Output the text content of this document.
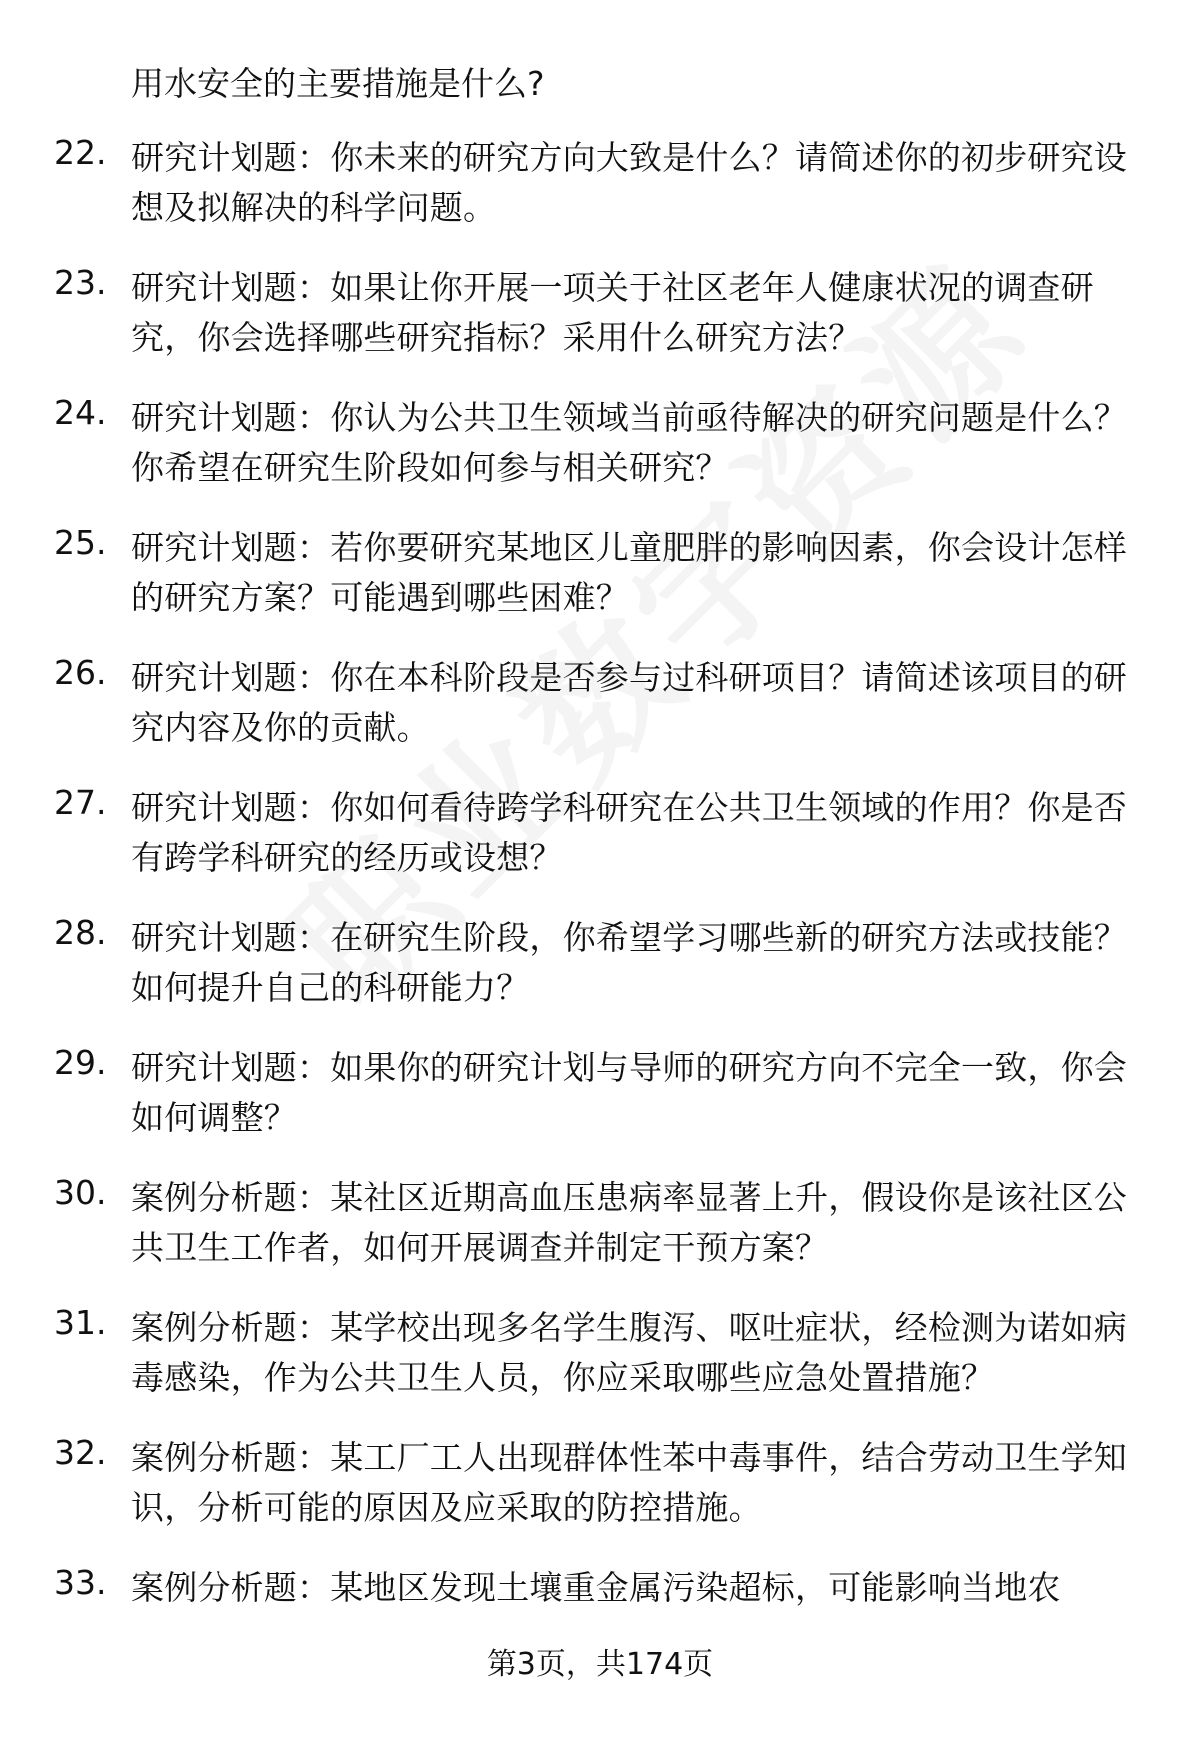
用水安全的主要措施是什么?
22. 研究计划题：你未来的研究方向大致是什么？请简述你的初步研究设想及拟解决的科学问题。
23. 研究计划题：如果让你开展一项关于社区老年人健康状况的调查研究，你会选择哪些研究指标？采用什么研究方法？
24. 研究计划题：你认为公共卫生领域当前亟待解决的研究问题是什么？你希望在研究生阶段如何参与相关研究？
25. 研究计划题：若你要研究某地区儿童肥胖的影响因素，你会设计怎样的研究方案？可能遇到哪些困难？
26. 研究计划题：你在本科阶段是否参与过科研项目？请简述该项目的研究内容及你的贡献。
27. 研究计划题：你如何看待跨学科研究在公共卫生领域的作用？你是否有跨学科研究的经历或设想？
28. 研究计划题：在研究生阶段，你希望学习哪些新的研究方法或技能？如何提升自己的科研能力？
29. 研究计划题：如果你的研究计划与导师的研究方向不完全一致，你会如何调整？
30. 案例分析题：某社区近期高血压患病率显著上升，假设你是该社区公共卫生工作者，如何开展调查并制定干预方案？
31. 案例分析题：某学校出现多名学生腹泻、呕吐症状，经检测为诺如病毒感染，作为公共卫生人员，你应采取哪些应急处置措施？
32. 案例分析题：某工厂工人出现群体性苯中毒事件，结合劳动卫生学知识，分析可能的原因及应采取的防控措施。
33. 案例分析题：某地区发现土壤重金属污染超标，可能影响当地农
第3页，共174页
